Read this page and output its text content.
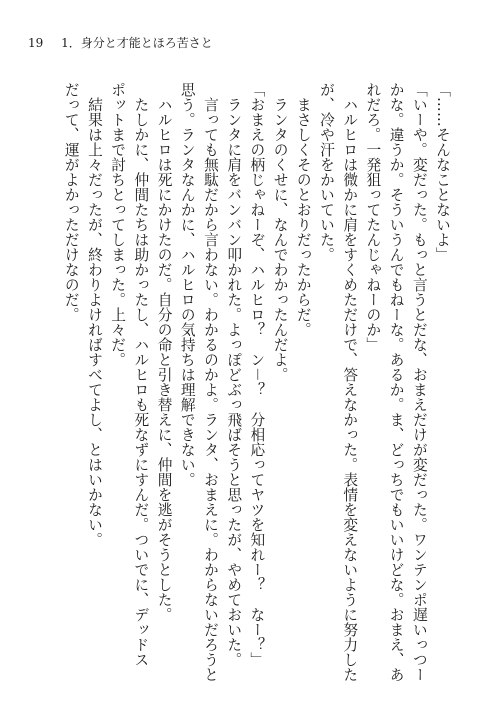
19 1．身分と才能とほろ苦さと
「……そんなことないよ」
「いーや。変だった。もっと言うとだな、おまえだけが変だった。ワンテンポ遅いっつー
かな。違うか。そういうんでもねーな。あるか。ま、どっちでもいいけどな。おまえ、あ
れだろ。一発狙ってたんじゃねーのか」
ハルヒロは微かに肩をすくめただけで、答えなかった。表情を変えないように努力した
が、冷や汗をかいていた。
まさしくそのとおりだったからだ。
ランタのくせに、なんでわかったんだよ。
「おまえの柄じゃねーぞ、ハルヒロ？　ン－？　分相応ってヤツを知れー？　なー？」
ランタに肩をバンバン叩かれた。よっぽどぶっ飛ばそうと思ったが、やめておいた。
言っても無駄だから言わない。わかるのかよ。ランタ、おまえに。わからないだろうと
思う。ランタなんかに、ハルヒロの気持ちは理解できない。
ハルヒロは死にかけたのだ。自分の命と引き替えに、仲間を逃がそうとした。
たしかに、仲間たちは助かったし、ハルヒロも死なずにすんだ。ついでに、デッドス
ポットまで討ちとってしまった。上々だ。
結果は上々だったが、終わりよければすべてよし、とはいかない。
だって、運がよかっただけなのだ。
